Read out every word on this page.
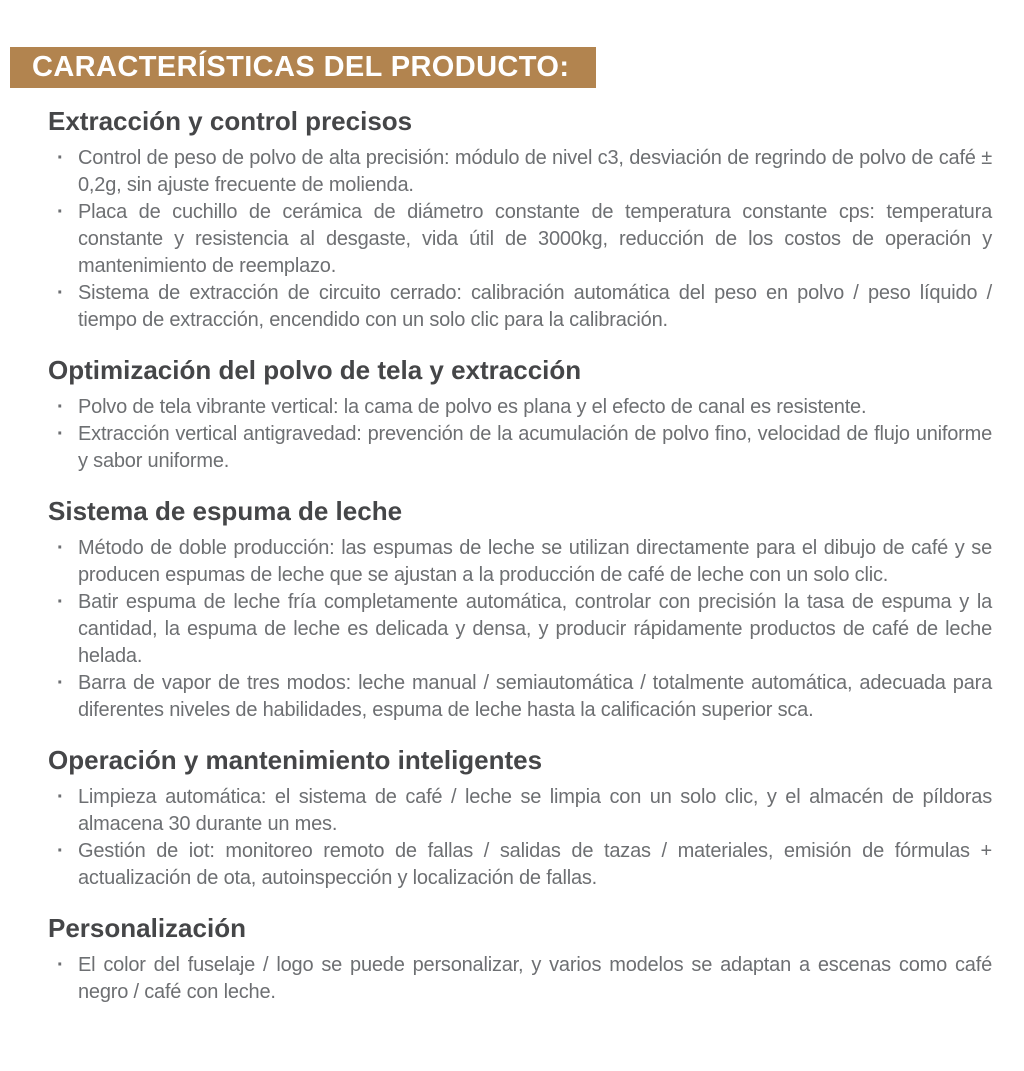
CARACTERÍSTICAS DEL PRODUCTO:
Extracción y control precisos
· Control de peso de polvo de alta precisión: módulo de nivel c3, desviación de regrindo de polvo de café ± 0,2g, sin ajuste frecuente de molienda.
· Placa de cuchillo de cerámica de diámetro constante de temperatura constante cps: temperatura constante y resistencia al desgaste, vida útil de 3000kg, reducción de los costos de operación y mantenimiento de reemplazo.
· Sistema de extracción de circuito cerrado: calibración automática del peso en polvo / peso líquido / tiempo de extracción, encendido con un solo clic para la calibración.
Optimización del polvo de tela y extracción
· Polvo de tela vibrante vertical: la cama de polvo es plana y el efecto de canal es resistente.
· Extracción vertical antigravedad: prevención de la acumulación de polvo fino, velocidad de flujo uniforme y sabor uniforme.
Sistema de espuma de leche
· Método de doble producción: las espumas de leche se utilizan directamente para el dibujo de café y se producen espumas de leche que se ajustan a la producción de café de leche con un solo clic.
· Batir espuma de leche fría completamente automática, controlar con precisión la tasa de espuma y la cantidad, la espuma de leche es delicada y densa, y producir rápidamente productos de café de leche helada.
· Barra de vapor de tres modos: leche manual / semiautomática / totalmente automática, adecuada para diferentes niveles de habilidades, espuma de leche hasta la calificación superior sca.
Operación y mantenimiento inteligentes
· Limpieza automática: el sistema de café / leche se limpia con un solo clic, y el almacén de píldoras almacena 30 durante un mes.
· Gestión de iot: monitoreo remoto de fallas / salidas de tazas / materiales, emisión de fórmulas + actualización de ota, autoinspección y localización de fallas.
Personalización
· El color del fuselaje / logo se puede personalizar, y varios modelos se adaptan a escenas como café negro / café con leche.
